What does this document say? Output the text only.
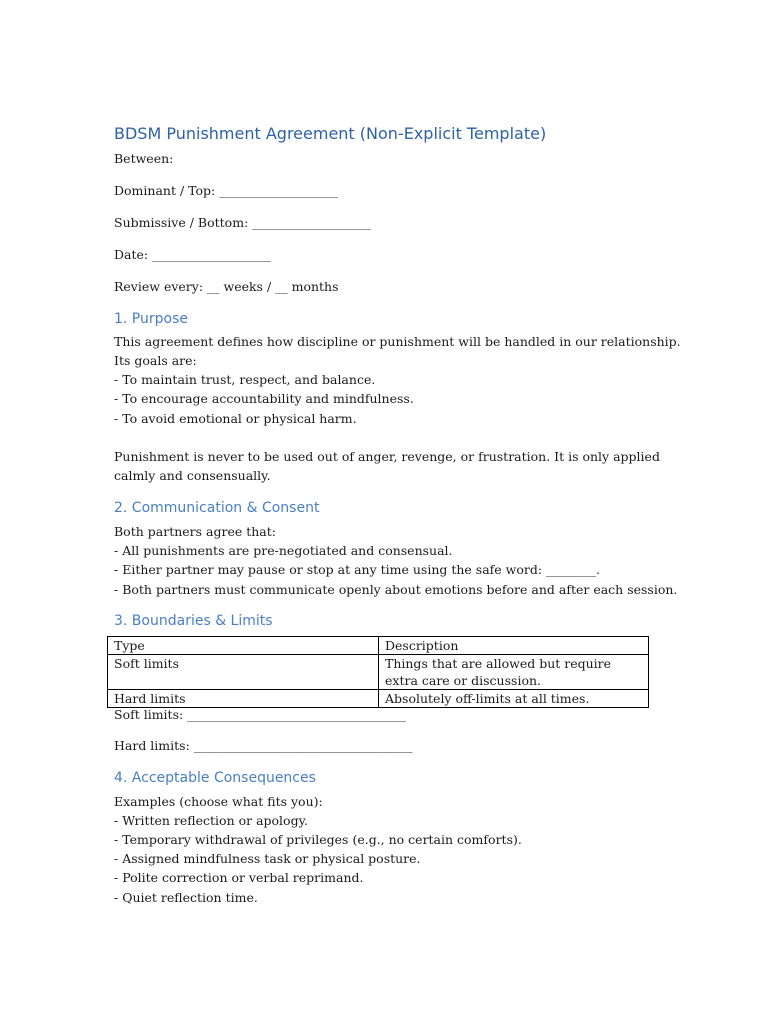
BDSM Punishment Agreement (Non-Explicit Template)

Between:

Dominant / Top: ___________________

Submissive / Bottom: ___________________

Date: ___________________

Review every: __ weeks / __ months

1. Purpose

This agreement defines how discipline or punishment will be handled in our relationship.

Its goals are:

- To maintain trust, respect, and balance.

- To encourage accountability and mindfulness.

- To avoid emotional or physical harm.

Punishment is never to be used out of anger, revenge, or frustration. It is only applied

calmly and consensually.

2. Communication & Consent

Both partners agree that:

- All punishments are pre-negotiated and consensual.

- Either partner may pause or stop at any time using the safe word: ________.

- Both partners must communicate openly about emotions before and after each session.

3. Boundaries & Limits
Type	Description
Soft limits	Things that are allowed but require extra care or discussion.
Hard limits	Absolutely off-limits at all times.

Soft limits: ___________________________________

Hard limits: ___________________________________

4. Acceptable Consequences

Examples (choose what fits you):

- Written reflection or apology.

- Temporary withdrawal of privileges (e.g., no certain comforts).

- Assigned mindfulness task or physical posture.

- Polite correction or verbal reprimand.

- Quiet reflection time.
